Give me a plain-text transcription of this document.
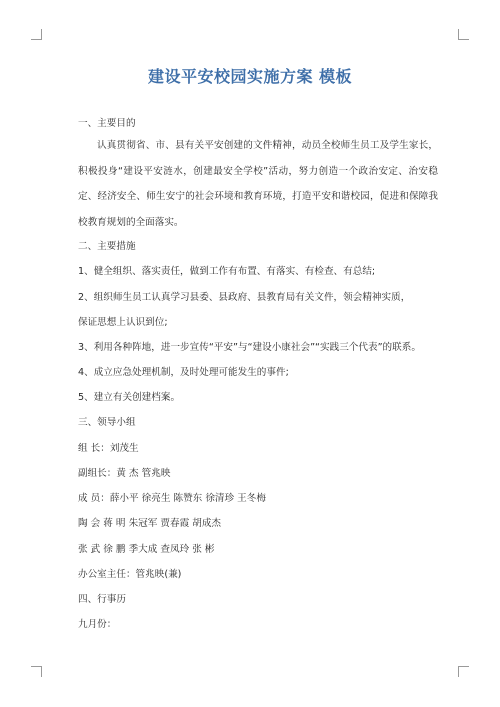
建设平安校园实施方案 模板
一、主要目的
认真贯彻省、市、县有关平安创建的文件精神，动员全校师生员工及学生家长，积极投身“建设平安涟水，创建最安全学校”活动，努力创造一个政治安定、治安稳定、经济安全、师生安宁的社会环境和教育环境，打造平安和谐校园，促进和保障我校教育规划的全面落实。
二、主要措施
1、健全组织、落实责任，做到工作有布置、有落实、有检查、有总结;
2、组织师生员工认真学习县委、县政府、县教育局有关文件，领会精神实质，
保证思想上认识到位;
3、利用各种阵地，进一步宣传“平安”与“建设小康社会”“实践三个代表”的联系。
4、成立应急处理机制，及时处理可能发生的事件;
5、建立有关创建档案。
三、领导小组
组 长：刘茂生
副组长：黄 杰 管兆映
成 员：薛小平 徐亮生 陈赞东 徐清珍 王冬梅
陶 会 蒋 明 朱冠军 贾春霞 胡成杰
张 武 徐 鹏 季大成 查凤玲 张 彬
办公室主任：管兆映(兼)
四、行事历
九月份：
